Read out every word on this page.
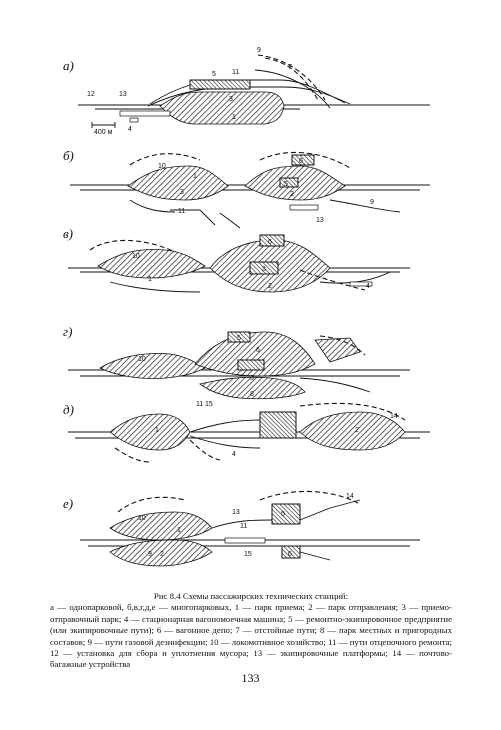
а)
1
3
4
5
7
9
11
12	13
400 м
б)
1
2
3
5
6
9
10
11
13
в)
1
2
3
4
6
10
г)
3
5
6
8
10
д)
1	2
4
11
14
15
е)
1
2
5
6
9
10
11
13
14
15
Рис 8.4 Схемы пассажирских технических станций:
а — однопарковой, б,в,г,д,е — многопарковых, 1 — парк приема; 2 — парк отправления; 3 — приемо-отправочный парк; 4 — стационарная вагономоечная машина; 5 — ремонтно-экипировочное предприятие (или экипировочные пути); 6 — вагонное депо; 7 — отстойные пути; 8 — парк местных и пригородных составов; 9 — пути газовой дезинфекции; 10 — локомотивное хозяйство; 11 — пути отцепочного ремонта; 12 — установка для сбора и уплотнения мусора; 13 — экипировочные платформы; 14 — почтово-багажные устройства
133
